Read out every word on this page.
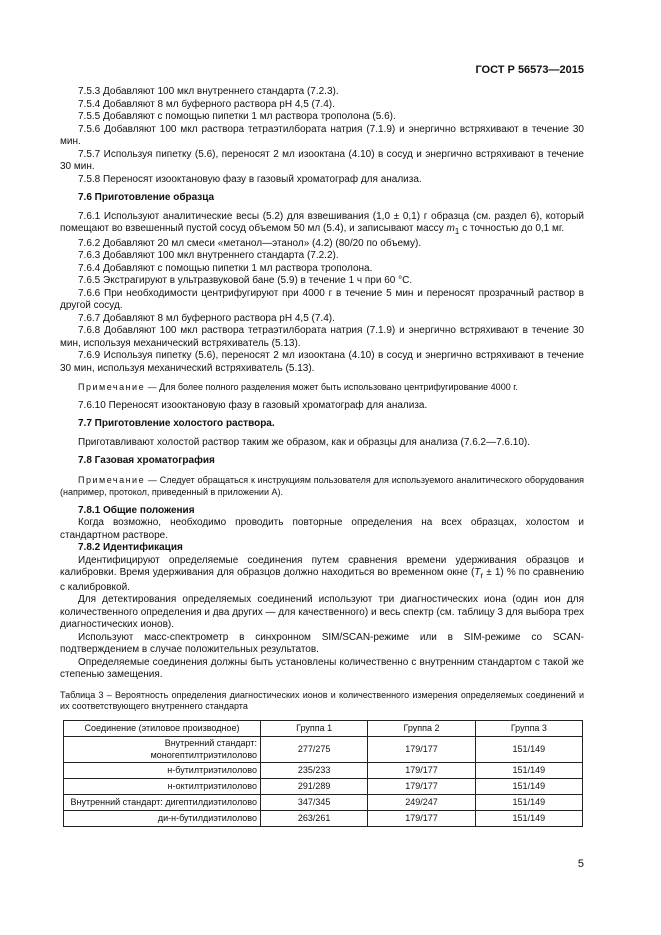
ГОСТ Р 56573—2015

7.5.3 Добавляют 100 мкл внутреннего стандарта (7.2.3).

7.5.4 Добавляют 8 мл буферного раствора pH 4,5 (7.4).

7.5.5 Добавляют с помощью пипетки 1 мл раствора трополона (5.6).

7.5.6 Добавляют 100 мкл раствора тетраэтилбората натрия (7.1.9) и энергично встряхивают в течение 30 мин.

7.5.7 Используя пипетку (5.6), переносят 2 мл изооктана (4.10) в сосуд и энергично встряхивают в течение 30 мин.

7.5.8 Переносят изооктановую фазу в газовый хроматограф для анализа.

7.6 Приготовление образца

7.6.1 Используют аналитические весы (5.2) для взвешивания (1,0 ± 0,1) г образца (см. раздел 6), который помещают во взвешенный пустой сосуд объемом 50 мл (5.4), и записывают массу $m_1$ с точностью до 0,1 мг.

7.6.2 Добавляют 20 мл смеси «метанол—этанол» (4.2) (80/20 по объему).

7.6.3 Добавляют 100 мкл внутреннего стандарта (7.2.2).

7.6.4 Добавляют с помощью пипетки 1 мл раствора трополона.

7.6.5 Экстрагируют в ультразвуковой бане (5.9) в течение 1 ч при 60 °С.

7.6.6 При необходимости центрифугируют при 4000 г в течение 5 мин и переносят прозрачный раствор в другой сосуд.

7.6.7 Добавляют 8 мл буферного раствора pH 4,5 (7.4).

7.6.8 Добавляют 100 мкл раствора тетраэтилбората натрия (7.1.9) и энергично встряхивают в течение 30 мин, используя механический встряхиватель (5.13).

7.6.9 Используя пипетку (5.6), переносят 2 мл изооктана (4.10) в сосуд и энергично встряхивают в течение 30 мин, используя механический встряхиватель (5.13).

Примечание — Для более полного разделения может быть использовано центрифугирование 4000 г.

7.6.10 Переносят изооктановую фазу в газовый хроматограф для анализа.

7.7 Приготовление холостого раствора.

Приготавливают холостой раствор таким же образом, как и образцы для анализа (7.6.2—7.6.10).

7.8 Газовая хроматография

Примечание — Следует обращаться к инструкциям пользователя для используемого аналитического оборудования (например, протокол, приведенный в приложении А).

7.8.1 Общие положения

Когда возможно, необходимо проводить повторные определения на всех образцах, холостом и стандартном растворе.

7.8.2 Идентификация

Идентифицируют определяемые соединения путем сравнения времени удерживания образцов и калибровки. Время удерживания для образцов должно находиться во временном окне $(T_r \pm 1)$ % по сравнению с калибровкой.

Для детектирования определяемых соединений используют три диагностических иона (один ион для количественного определения и два других — для качественного) и весь спектр (см. таблицу 3 для выбора трех диагностических ионов).

Используют масс-спектрометр в синхронном SIM/SCAN-режиме или в SIM-режиме со SCAN-подтверждением в случае положительных результатов.

Определяемые соединения должны быть установлены количественно с внутренним стандартом с такой же степенью замещения.

Таблица 3 – Вероятность определения диагностических ионов и количественного измерения определяемых соединений и их соответствующего внутреннего стандарта

Соединение (этиловое производное)	Группа 1	Группа 2	Группа 3
Внутренний стандарт: моногептилтриэтилолово	277/275	179/177	151/149
н-бутилтриэтилолово	235/233	179/177	151/149
н-октилтриэтилолово	291/289	179/177	151/149
Внутренний стандарт: дигептилдиэтилолово	347/345	249/247	151/149
ди-н-бутилдиэтилолово	263/261	179/177	151/149
5
